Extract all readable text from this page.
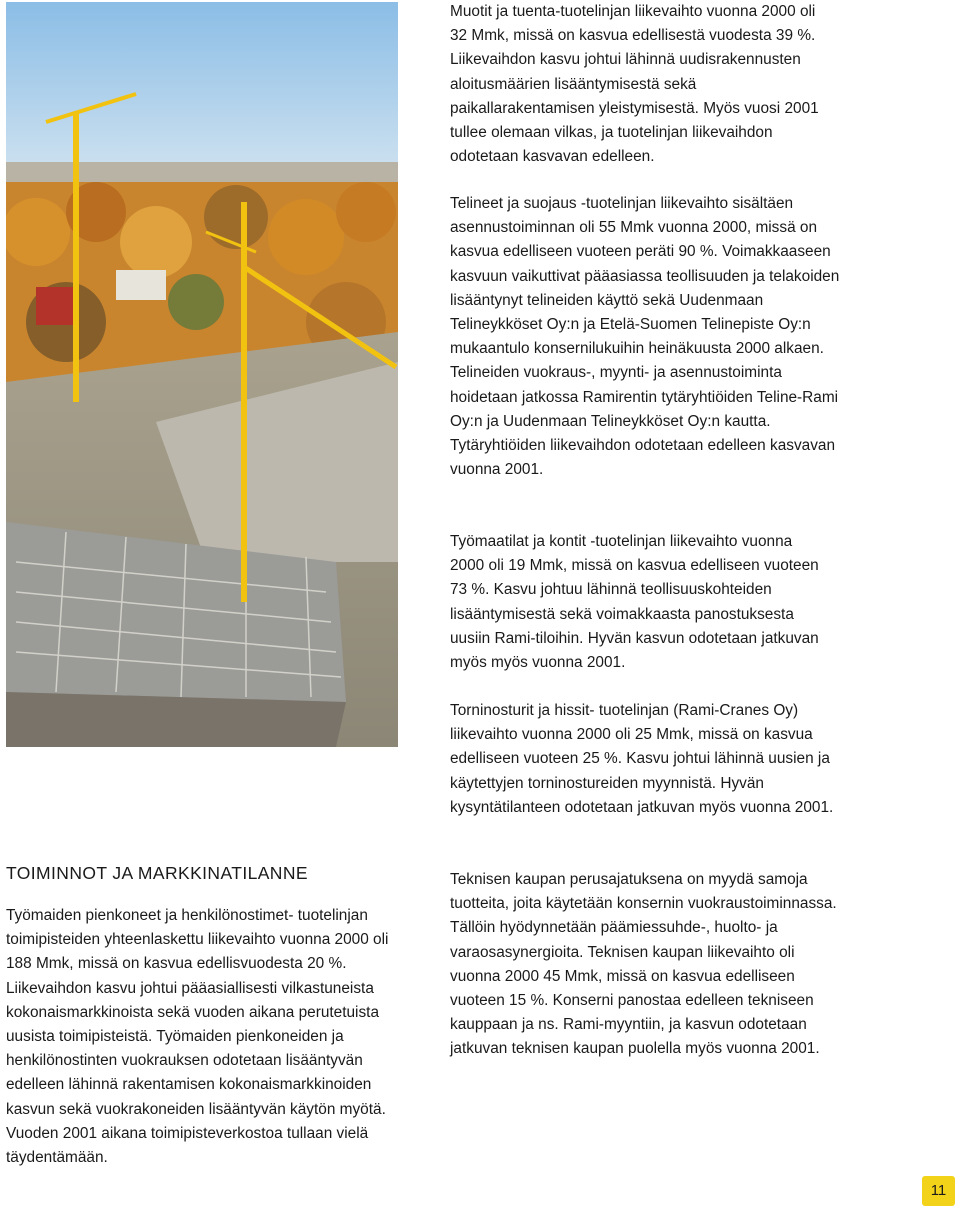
Muotit ja tuenta-tuotelinjan liikevaihto vuonna 2000 oli 32 Mmk, missä on kasvua edellisestä vuodesta 39 %. Liikevaihdon kasvu johtui lähinnä uudisrakennusten aloitusmäärien lisääntymisestä sekä paikallarakentamisen yleistymisestä. Myös vuosi 2001 tullee olemaan vilkas, ja tuotelinjan liikevaihdon odotetaan kasvavan edelleen.

Telineet ja suojaus -tuotelinjan liikevaihto sisältäen asennustoiminnan oli 55 Mmk vuonna 2000, missä on kasvua edelliseen vuoteen peräti 90 %. Voimakkaaseen kasvuun vaikuttivat pääasiassa teollisuuden ja telakoiden lisääntynyt telineiden käyttö sekä Uudenmaan Telineykköset Oy:n ja Etelä-Suomen Telinepiste Oy:n mukaantulo konsernilukuihin heinäkuusta 2000 alkaen. Telineiden vuokraus-, myynti- ja asennustoiminta hoidetaan jatkossa Ramirentin tytäryhtiöiden Teline-Rami Oy:n ja Uudenmaan Telineykköset Oy:n kautta. Tytäryhtiöiden liikevaihdon odotetaan edelleen kasvavan vuonna 2001.

Työmaatilat ja kontit -tuotelinjan liikevaihto vuonna 2000 oli 19 Mmk, missä on kasvua edelliseen vuoteen 73 %. Kasvu johtuu lähinnä teollisuuskohteiden lisääntymisestä sekä voimakkaasta panostuksesta uusiin Rami-tiloihin. Hyvän kasvun odotetaan jatkuvan myös myös vuonna 2001.

Torninosturit ja hissit- tuotelinjan (Rami-Cranes Oy) liikevaihto vuonna 2000 oli 25 Mmk, missä on kasvua edelliseen vuoteen 25 %. Kasvu johtui lähinnä uusien ja käytettyjen torninostureiden myynnistä. Hyvän kysyntätilanteen odotetaan jatkuvan myös vuonna 2001.

Teknisen kaupan perusajatuksena on myydä samoja tuotteita, joita käytetään konsernin vuokraustoiminnassa. Tällöin hyödynnetään päämiessuhde-, huolto- ja varaosasynergioita. Teknisen kaupan liikevaihto oli vuonna 2000 45 Mmk, missä on kasvua edelliseen vuoteen 15 %. Konserni panostaa edelleen tekniseen kauppaan ja ns. Rami-myyntiin, ja kasvun odotetaan jatkuvan teknisen kaupan puolella myös vuonna 2001.

TOIMINNOT JA MARKKINATILANNE

Työmaiden pienkoneet ja henkilönostimet- tuotelinjan toimipisteiden yhteenlaskettu liikevaihto vuonna 2000 oli 188 Mmk, missä on kasvua edellisvuodesta 20 %. Liikevaihdon kasvu johtui pääasiallisesti vilkastuneista kokonaismarkkinoista sekä vuoden aikana perutetuista uusista toimipisteistä. Työmaiden pienkoneiden ja henkilönostinten vuokrauksen odotetaan lisääntyvän edelleen lähinnä rakentamisen kokonaismarkkinoiden kasvun sekä vuokrakoneiden lisääntyvän käytön myötä. Vuoden 2001 aikana toimipisteverkostoa tullaan vielä täydentämään.

11
